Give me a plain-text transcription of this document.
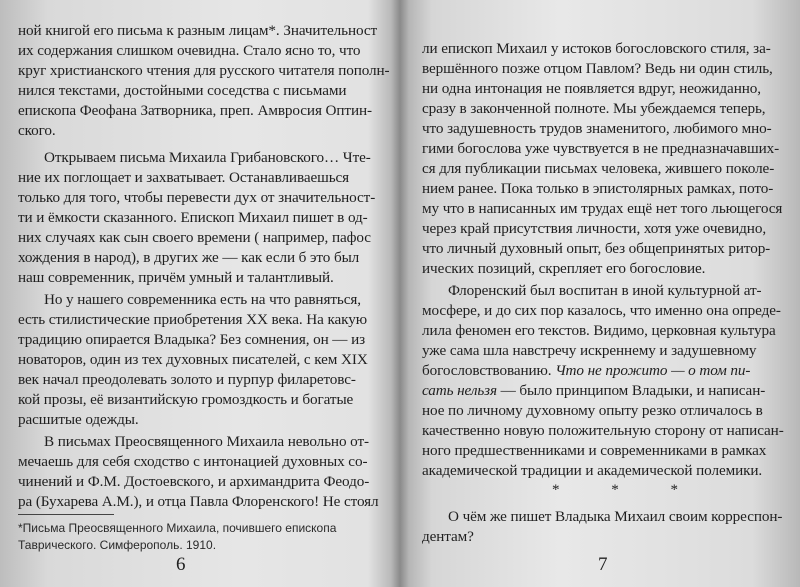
ной книгой его письма к разным лицам*. Значительност
их содержания слишком очевидна. Стало ясно то, что
круг христианского чтения для русского читателя пополн-
нился текстами, достойными соседства с письмами
епископа Феофана Затворника, преп. Амвросия Оптин-
ского.
Открываем письма Михаила Грибановского… Чте-
ние их поглощает и захватывает. Останавливаешься
только для того, чтобы перевести дух от значительност-
ти и ёмкости сказанного. Епископ Михаил пишет в од-
них случаях как сын своего времени ( например, пафос
хождения в народ), в других же — как если б это был
наш современник, причём умный и талантливый.
Но у нашего современника есть на что равняться,
есть стилистические приобретения XX века. На какую
традицию опирается Владыка? Без сомнения, он — из
новаторов, один из тех духовных писателей, с кем XIX
век начал преодолевать золото и пурпур филаретовс-
кой прозы, её византийскую громоздкость и богатые
расшитые одежды.
В письмах Преосвященного Михаила невольно от-
мечаешь для себя сходство с интонацией духовных со-
чинений и Ф.М. Достоевского, и архимандрита Феодо-
ра (Бухарева А.М.), и отца Павла Флоренского! Не стоял
*Письма Преосвященного Михаила, почившего епископа
Таврического. Симферополь. 1910.
6
ли епископ Михаил у истоков богословского стиля, за-
вершённого позже отцом Павлом? Ведь ни один стиль,
ни одна интонация не появляется вдруг, неожиданно,
сразу в законченной полноте. Мы убеждаемся теперь,
что задушевность трудов знаменитого, любимого мно-
гими богослова уже чувствуется в не предназначавших-
ся для публикации письмах человека, жившего поколе-
нием ранее. Пока только в эпистолярных рамках, пото-
му что в написанных им трудах ещё нет того льющегося
через край присутствия личности, хотя уже очевидно,
что личный духовный опыт, без общепринятых ритор-
ических позиций, скрепляет его богословие.
Флоренский был воспитан в иной культурной ат-
мосфере, и до сих пор казалось, что именно она опреде-
лила феномен его текстов. Видимо, церковная культура
уже сама шла навстречу искреннему и задушевному
богословствованию. Что не прожито — о том пи-
сать нельзя — было принципом Владыки, и написан-
ное по личному духовному опыту резко отличалось в
качественно новую положительную сторону от написан-
ного предшественниками и современниками в рамках
академической традиции и академической полемики.
* * *
О чём же пишет Владыка Михаил своим корреспон-
дентам?
7
